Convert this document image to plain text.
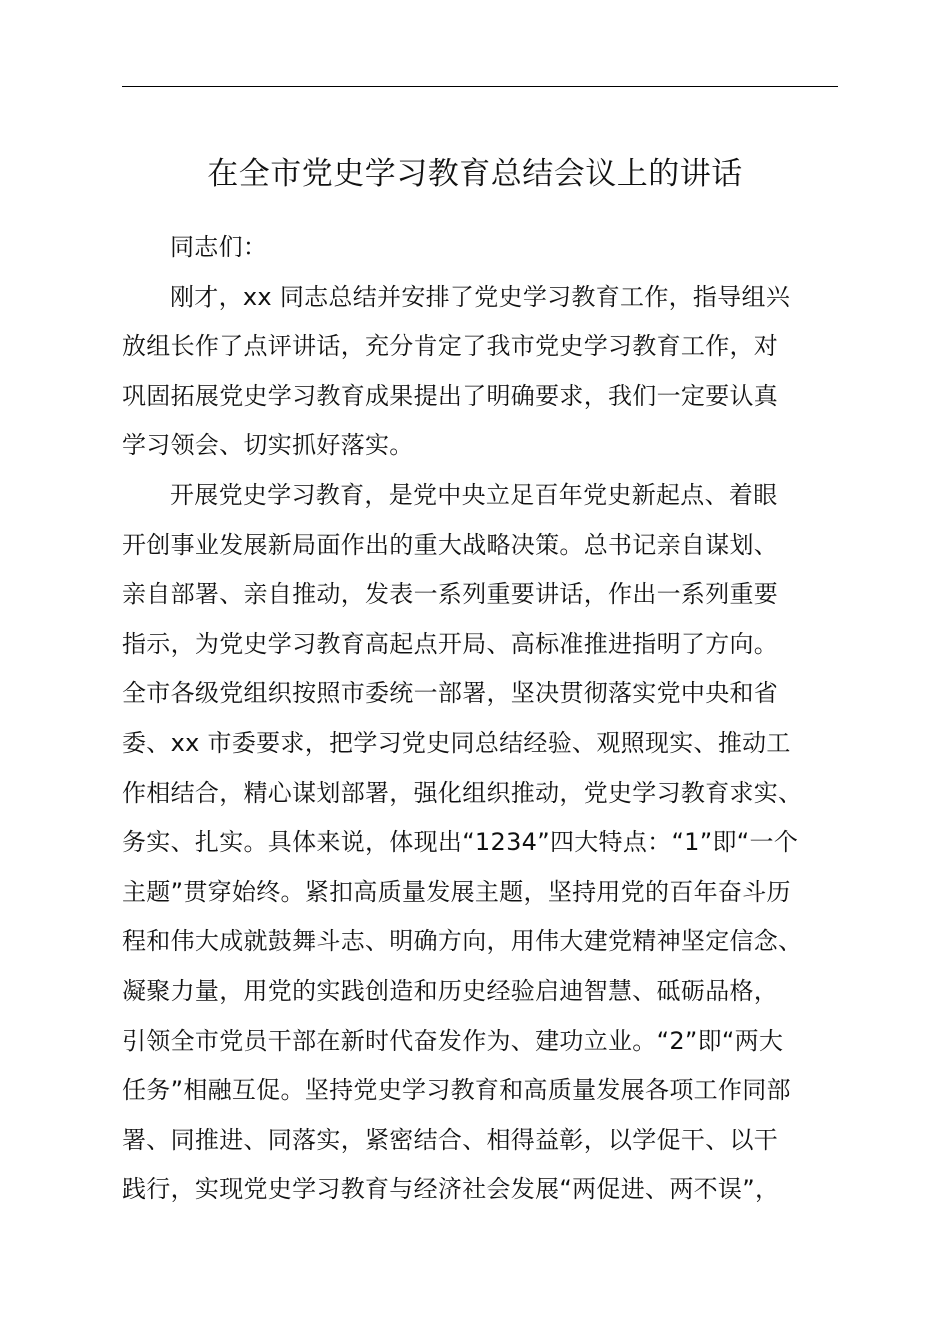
在全市党史学习教育总结会议上的讲话

同志们：

刚才，xx 同志总结并安排了党史学习教育工作，指导组兴
放组长作了点评讲话，充分肯定了我市党史学习教育工作，对
巩固拓展党史学习教育成果提出了明确要求，我们一定要认真
学习领会、切实抓好落实。

开展党史学习教育，是党中央立足百年党史新起点、着眼
开创事业发展新局面作出的重大战略决策。总书记亲自谋划、
亲自部署、亲自推动，发表一系列重要讲话，作出一系列重要
指示，为党史学习教育高起点开局、高标准推进指明了方向。
全市各级党组织按照市委统一部署，坚决贯彻落实党中央和省
委、xx 市委要求，把学习党史同总结经验、观照现实、推动工
作相结合，精心谋划部署，强化组织推动，党史学习教育求实、
务实、扎实。具体来说，体现出“1234”四大特点：“1”即“一个
主题”贯穿始终。紧扣高质量发展主题，坚持用党的百年奋斗历
程和伟大成就鼓舞斗志、明确方向，用伟大建党精神坚定信念、
凝聚力量，用党的实践创造和历史经验启迪智慧、砥砺品格，
引领全市党员干部在新时代奋发作为、建功立业。“2”即“两大
任务”相融互促。坚持党史学习教育和高质量发展各项工作同部
署、同推进、同落实，紧密结合、相得益彰，以学促干、以干
践行，实现党史学习教育与经济社会发展“两促进、两不误”，
